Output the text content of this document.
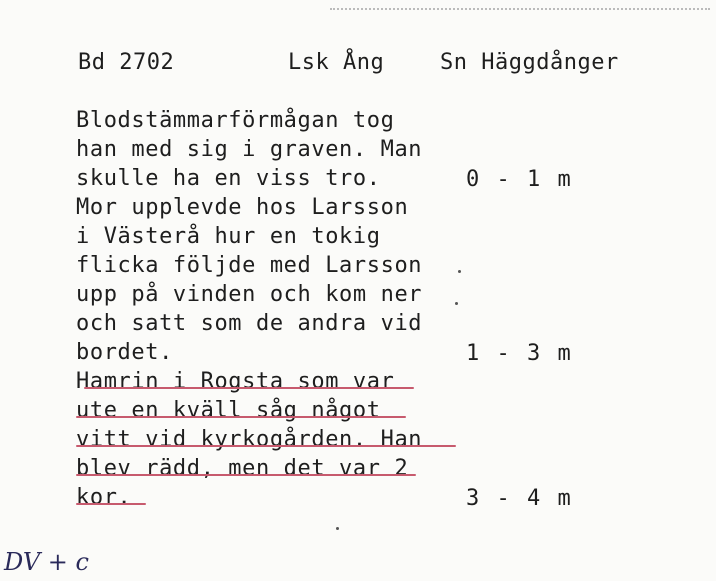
Bd 2702	Lsk Ång	Sn Häggdånger
Blodstämmarförmågan tog
han med sig i graven. Man
skulle ha en viss tro.
Mor upplevde hos Larsson
i Västerå hur en tokig
flicka följde med Larsson
upp på vinden och kom ner
och satt som de andra vid
bordet.
Hamrin i Rogsta som var
ute en kväll såg något
vitt vid kyrkogården. Han
blev rädd, men det var 2
kor.
0 - 1 m
1 - 3 m
3 - 4 m
DV + c
